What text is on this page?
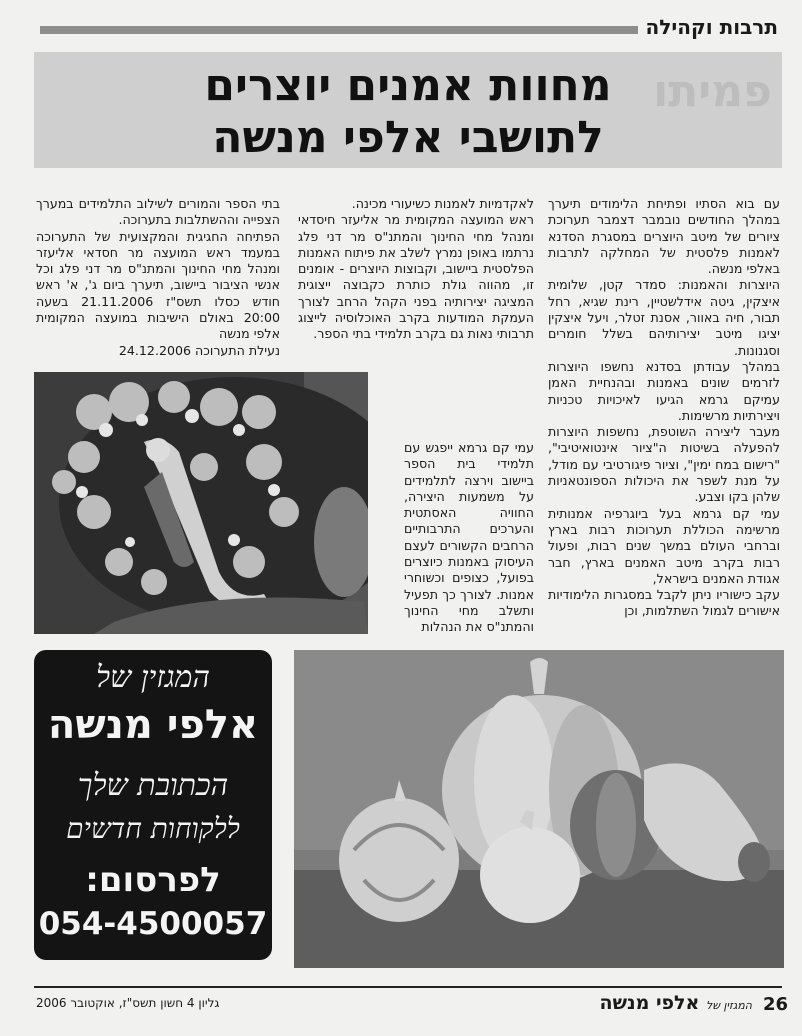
תרבות וקהילה
פמיתו
מחוות אמנים יוצרים
לתושבי אלפי מנשה

עם בוא הסתיו ופתיחת הלימודים תיערך במהלך החודשים נובמבר דצמבר תערוכת ציורים של מיטב היוצרים במסגרת הסדנא לאמנות פלסטית של המחלקה לתרבות באלפי מנשה.

היוצרות והאמנות: סמדר קטן, שלומית איצקין, גיטה אידלשטיין, רינת שגיא, רחל תבור, חיה באוור, אסנת זטלר, ויעל איצקין יציגו מיטב יצירותיהם בשלל חומרים וסגנונות.

במהלך עבודתן בסדנא נחשפו היוצרות לזרמים שונים באמנות ובהנחיית האמן עמיקם גרמא הגיעו לאיכויות טכניות ויצירתיות מרשימות.

מעבר ליצירה השוטפת, נחשפות היוצרות להפעלה בשיטות ה"ציור אינטואיטיבי", "רישום במח ימין", וציור פיגורטיבי עם מודל, על מנת לשפר את היכולות הספונטאניות שלהן בקו וצבע.

עמי קם גרמא בעל ביוגרפיה אמנותית מרשימה הכוללת תערוכות רבות בארץ וברחבי העולם במשך שנים רבות, ופעול רבות בקרב מיטב האמנים בארץ, חבר אגודת האמנים בישראל,

עקב כישוריו ניתן לקבל במסגרות הלימודיות אישורים לגמול השתלמות, וכן

לאקדמיות לאמנות כשיעורי מכינה.

ראש המועצה המקומית מר אליעזר חיסדאי ומנהל מחי החינוך והמתנ"ס מר דני פלג נרתמו באופן נמרץ לשלב את פיתוח האמנות הפלסטית ביישוב, וקבוצות היוצרים - אומנים זו, מהווה גולת כותרת כקבוצה ייצוגית המציגה יצירותיה בפני הקהל הרחב לצורך העמקת המודעות בקרב האוכלוסיה לייצוג תרבותי נאות גם בקרב תלמידי בתי הספר.

עמי קם גרמא ייפגש עם תלמידי בית הספר ביישוב וירצה לתלמידים על משמעות היצירה, החוויה האסתטית והערכים התרבותיים הרחבים הקשורים לעצם העיסוק באמנות כיוצרים בפועל, כצופים וכשוחרי אמנות. לצורך כך תפעיל ותשלב מחי החינוך והמתנ"ס את הנהלות

בתי הספר והמורים לשילוב התלמידים במערך הצפייה וההשתלבות בתערוכה.

הפתיחה החגיגית והמקצועית של התערוכה במעמד ראש המועצה מר חסדאי אליעזר ומנהל מחי החינוך והמתנ"ס מר דני פלג וכל אנשי הציבור ביישוב, תיערך ביום ג', א' ראש חודש כסלו תשס"ז 21.11.2006 בשעה 20:00 באולם הישיבות במועצה המקומית אלפי מנשה

נעילת התערוכה 24.12.2006

המגזין של
אלפי מנשה
הכתובת שלך
ללקוחות חדשים
לפרסום:
054-4500057
26
המגזין של אלפי מנשה
גליון 4 חשון תשס"ז, אוקטובר 2006
